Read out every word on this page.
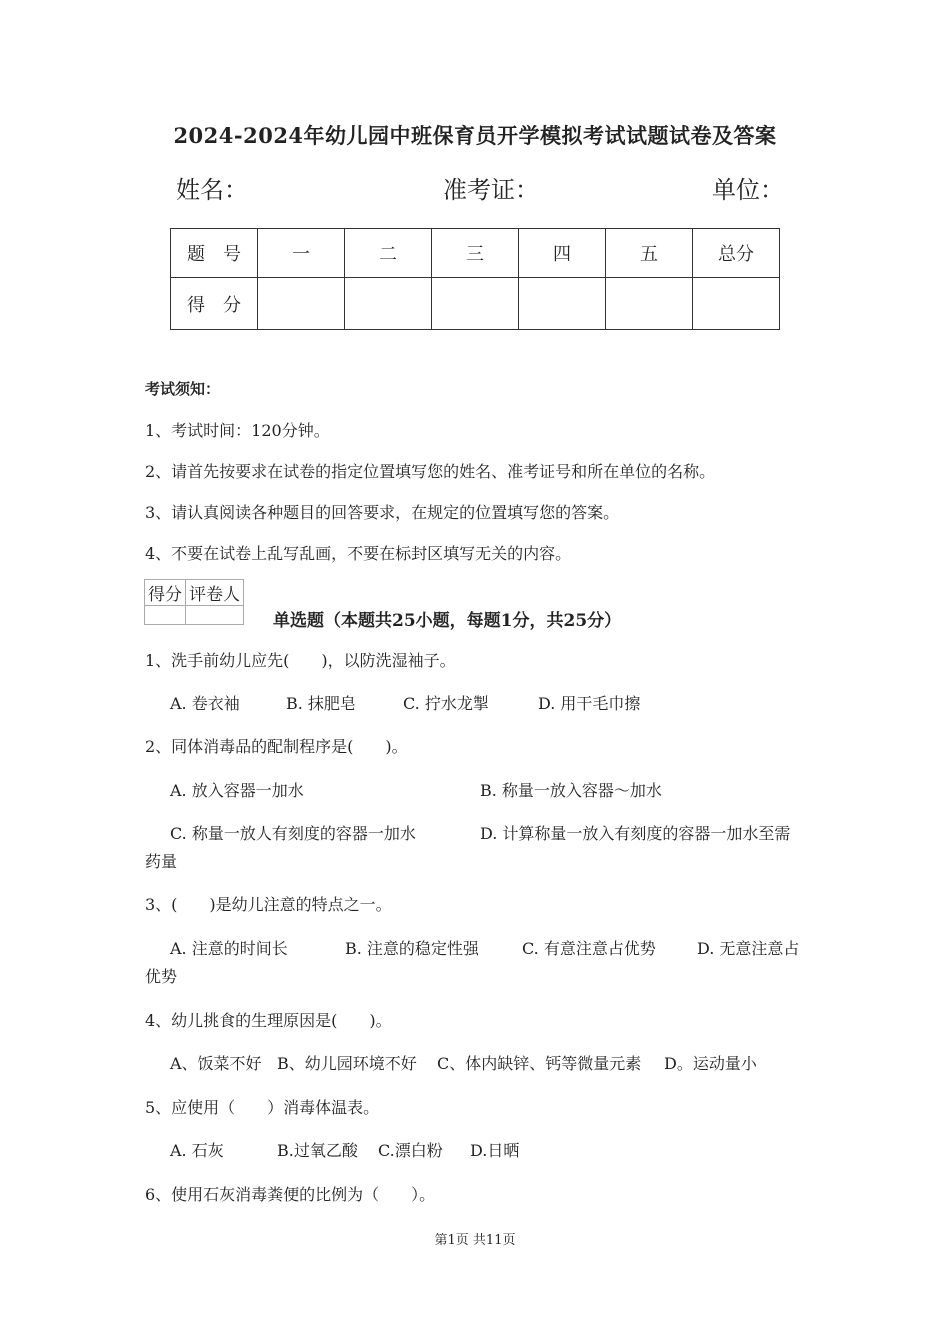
2024-2024年幼儿园中班保育员开学模拟考试试题试卷及答案
姓名：	准考证：	单位：
题　号	一	二	三	四	五	总分
得　分						
考试须知：
1、考试时间：120分钟。
2、请首先按要求在试卷的指定位置填写您的姓名、准考证号和所在单位的名称。
3、请认真阅读各种题目的回答要求，在规定的位置填写您的答案。
4、不要在试卷上乱写乱画，不要在标封区填写无关的内容。
得分	评卷人

单选题（本题共25小题，每题1分，共25分）
1、洗手前幼儿应先(　　)，以防洗湿袖子。
A. 卷衣袖	B. 抹肥皂	C. 拧水龙掣	D. 用干毛巾擦
2、同体消毒品的配制程序是(　　)。
A. 放入容器一加水	B. 称量一放入容器～加水
C. 称量一放人有刻度的容器一加水	D. 计算称量一放入有刻度的容器一加水至需
药量
3、(　　)是幼儿注意的特点之一。
A. 注意的时间长	B. 注意的稳定性强	C. 有意注意占优势	D. 无意注意占
优势
4、幼儿挑食的生理原因是(　　)。
A、饭菜不好 B、幼儿园环境不好 C、体内缺锌、钙等微量元素 D。运动量小
5、应使用（　　）消毒体温表。
A. 石灰	B.过氧乙酸 C.漂白粉 D.日晒
6、使用石灰消毒粪便的比例为（　　）。
第1页 共11页
